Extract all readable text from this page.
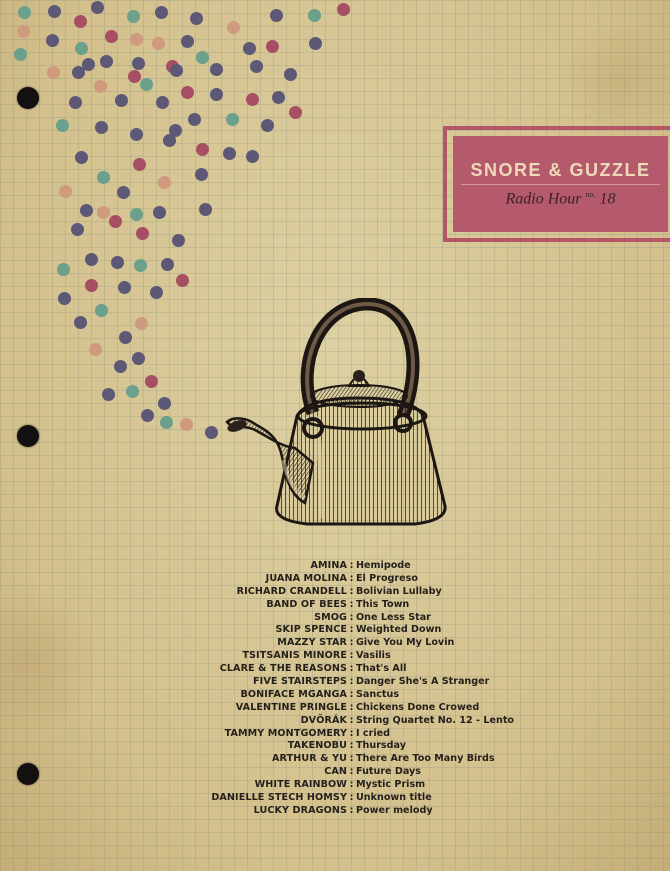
SNORE & GUZZLE
Radio Hour $^{no.}$ 18
AMINA : Hemipode
JUANA MOLINA : El Progreso
RICHARD CRANDELL : Bolivian Lullaby
BAND OF BEES : This Town
SMOG : One Less Star
SKIP SPENCE : Weighted Down
MAZZY STAR : Give You My Lovin
TSITSANIS MINORE : Vasilis
CLARE & THE REASONS : That's All
FIVE STAIRSTEPS : Danger She's A Stranger
BONIFACE MGANGA : Sanctus
VALENTINE PRINGLE : Chickens Done Crowed
DVŎRÁK : String Quartet No. 12 - Lento
TAMMY MONTGOMERY : I cried
TAKENOBU : Thursday
ARTHUR & YU : There Are Too Many Birds
CAN : Future Days
WHITE RAINBOW : Mystic Prism
DANIELLE STECH HOMSY : Unknown title
LUCKY DRAGONS : Power melody
